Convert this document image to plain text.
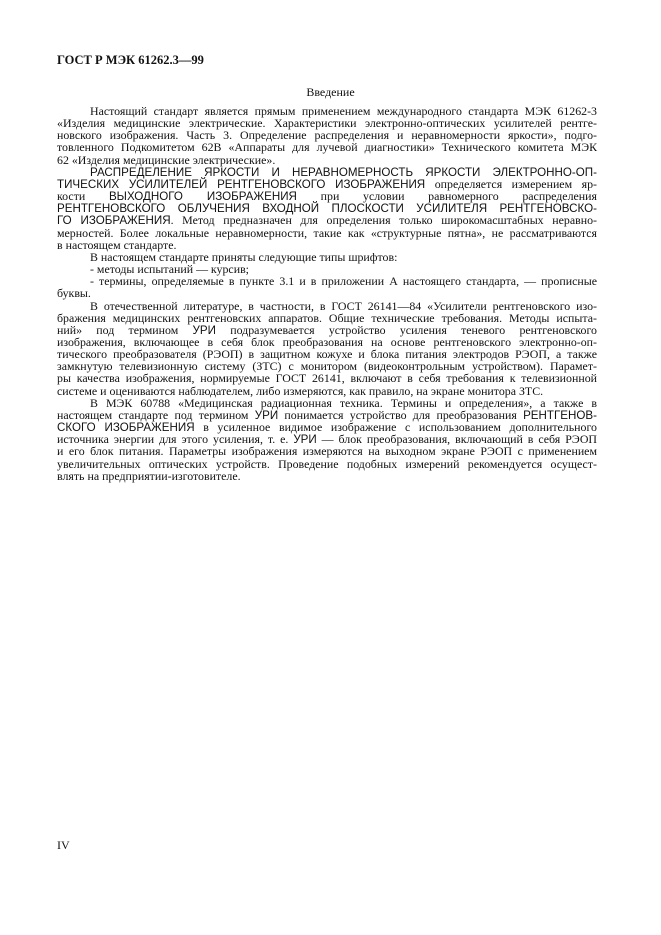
ГОСТ Р МЭК 61262.3—99
Введение
Настоящий стандарт является прямым применением международного стандарта МЭК 61262-3
«Изделия медицинские электрические. Характеристики электронно-оптических усилителей рентге-
новского изображения. Часть 3. Определение распределения и неравномерности яркости», подго-
товленного Подкомитетом 62В «Аппараты для лучевой диагностики» Технического комитета МЭК
62 «Изделия медицинские электрические».
РАСПРЕДЕЛЕНИЕ ЯРКОСТИ И НЕРАВНОМЕРНОСТЬ ЯРКОСТИ ЭЛЕКТРОННО-ОП-
ТИЧЕСКИХ УСИЛИТЕЛЕЙ РЕНТГЕНОВСКОГО ИЗОБРАЖЕНИЯ определяется измерением яр-
кости ВЫХОДНОГО ИЗОБРАЖЕНИЯ при условии равномерного распределения
РЕНТГЕНОВСКОГО ОБЛУЧЕНИЯ ВХОДНОЙ ПЛОСКОСТИ УСИЛИТЕЛЯ РЕНТГЕНОВСКО-
ГО ИЗОБРАЖЕНИЯ. Метод предназначен для определения только широкомасштабных неравно-
мерностей. Более локальные неравномерности, такие как «структурные пятна», не рассматриваются
в настоящем стандарте.
В настоящем стандарте приняты следующие типы шрифтов:
- методы испытаний — курсив;
- термины, определяемые в пункте 3.1 и в приложении А настоящего стандарта, — прописные
буквы.
В отечественной литературе, в частности, в ГОСТ 26141—84 «Усилители рентгеновского изо-
бражения медицинских рентгеновских аппаратов. Общие технические требования. Методы испыта-
ний» под термином УРИ подразумевается устройство усиления теневого рентгеновского
изображения, включающее в себя блок преобразования на основе рентгеновского электронно-оп-
тического преобразователя (РЭОП) в защитном кожухе и блока питания электродов РЭОП, а также
замкнутую телевизионную систему (ЗТС) с монитором (видеоконтрольным устройством). Парамет-
ры качества изображения, нормируемые ГОСТ 26141, включают в себя требования к телевизионной
системе и оцениваются наблюдателем, либо измеряются, как правило, на экране монитора ЗТС.
В МЭК 60788 «Медицинская радиационная техника. Термины и определения», а также в
настоящем стандарте под термином УРИ понимается устройство для преобразования РЕНТГЕНОВ-
СКОГО ИЗОБРАЖЕНИЯ в усиленное видимое изображение с использованием дополнительного
источника энергии для этого усиления, т. е. УРИ — блок преобразования, включающий в себя РЭОП
и его блок питания. Параметры изображения измеряются на выходном экране РЭОП с применением
увеличительных оптических устройств. Проведение подобных измерений рекомендуется осущест-
влять на предприятии-изготовителе.
IV
